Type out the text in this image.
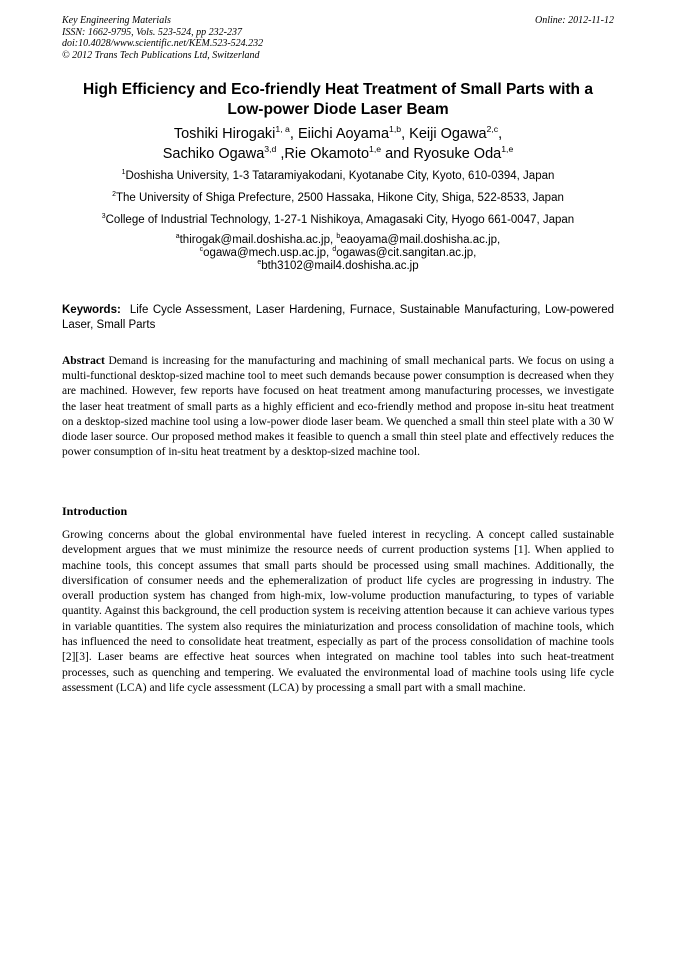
Key Engineering Materials
ISSN: 1662-9795, Vols. 523-524, pp 232-237
doi:10.4028/www.scientific.net/KEM.523-524.232
© 2012 Trans Tech Publications Ltd, Switzerland
Online: 2012-11-12
High Efficiency and Eco-friendly Heat Treatment of Small Parts with a
Low-power Diode Laser Beam
Toshiki Hirogaki$^{1, a}$, Eiichi Aoyama$^{1,b}$, Keiji Ogawa$^{2,c}$,
Sachiko Ogawa$^{3,d}$ ,Rie Okamoto$^{1,e}$ and Ryosuke Oda$^{1,e}$
$^1$Doshisha University, 1-3 Tataramiyakodani, Kyotanabe City, Kyoto, 610-0394, Japan
$^2$The University of Shiga Prefecture, 2500 Hassaka, Hikone City, Shiga, 522-8533, Japan
$^3$College of Industrial Technology, 1-27-1 Nishikoya, Amagasaki City, Hyogo 661-0047, Japan
$^a$thirogak@mail.doshisha.ac.jp, $^b$eaoyama@mail.doshisha.ac.jp,
$^c$ogawa@mech.usp.ac.jp, $^d$ogawas@cit.sangitan.ac.jp,
$^e$bth3102@mail4.doshisha.ac.jp
Keywords: Life Cycle Assessment, Laser Hardening, Furnace, Sustainable Manufacturing, Low-powered Laser, Small Parts
Abstract Demand is increasing for the manufacturing and machining of small mechanical parts. We focus on using a multi-functional desktop-sized machine tool to meet such demands because power consumption is decreased when they are machined. However, few reports have focused on heat treatment among manufacturing processes, we investigate the laser heat treatment of small parts as a highly efficient and eco-friendly method and propose in-situ heat treatment on a desktop-sized machine tool using a low-power diode laser beam. We quenched a small thin steel plate with a 30 W diode laser source. Our proposed method makes it feasible to quench a small thin steel plate and effectively reduces the power consumption of in-situ heat treatment by a desktop-sized machine tool.
Introduction
Growing concerns about the global environmental have fueled interest in recycling. A concept called sustainable development argues that we must minimize the resource needs of current production systems [1]. When applied to machine tools, this concept assumes that small parts should be processed using small machines. Additionally, the diversification of consumer needs and the ephemeralization of product life cycles are progressing in industry. The overall production system has changed from high-mix, low-volume production manufacturing, to types of variable quantity. Against this background, the cell production system is receiving attention because it can achieve various types in variable quantities. The system also requires the miniaturization and process consolidation of machine tools, which has influenced the need to consolidate heat treatment, especially as part of the process consolidation of machine tools [2][3]. Laser beams are effective heat sources when integrated on machine tool tables into such heat-treatment processes, such as quenching and tempering. We evaluated the environmental load of machine tools using life cycle assessment (LCA) and life cycle assessment (LCA) by processing a small part with a small machine.
